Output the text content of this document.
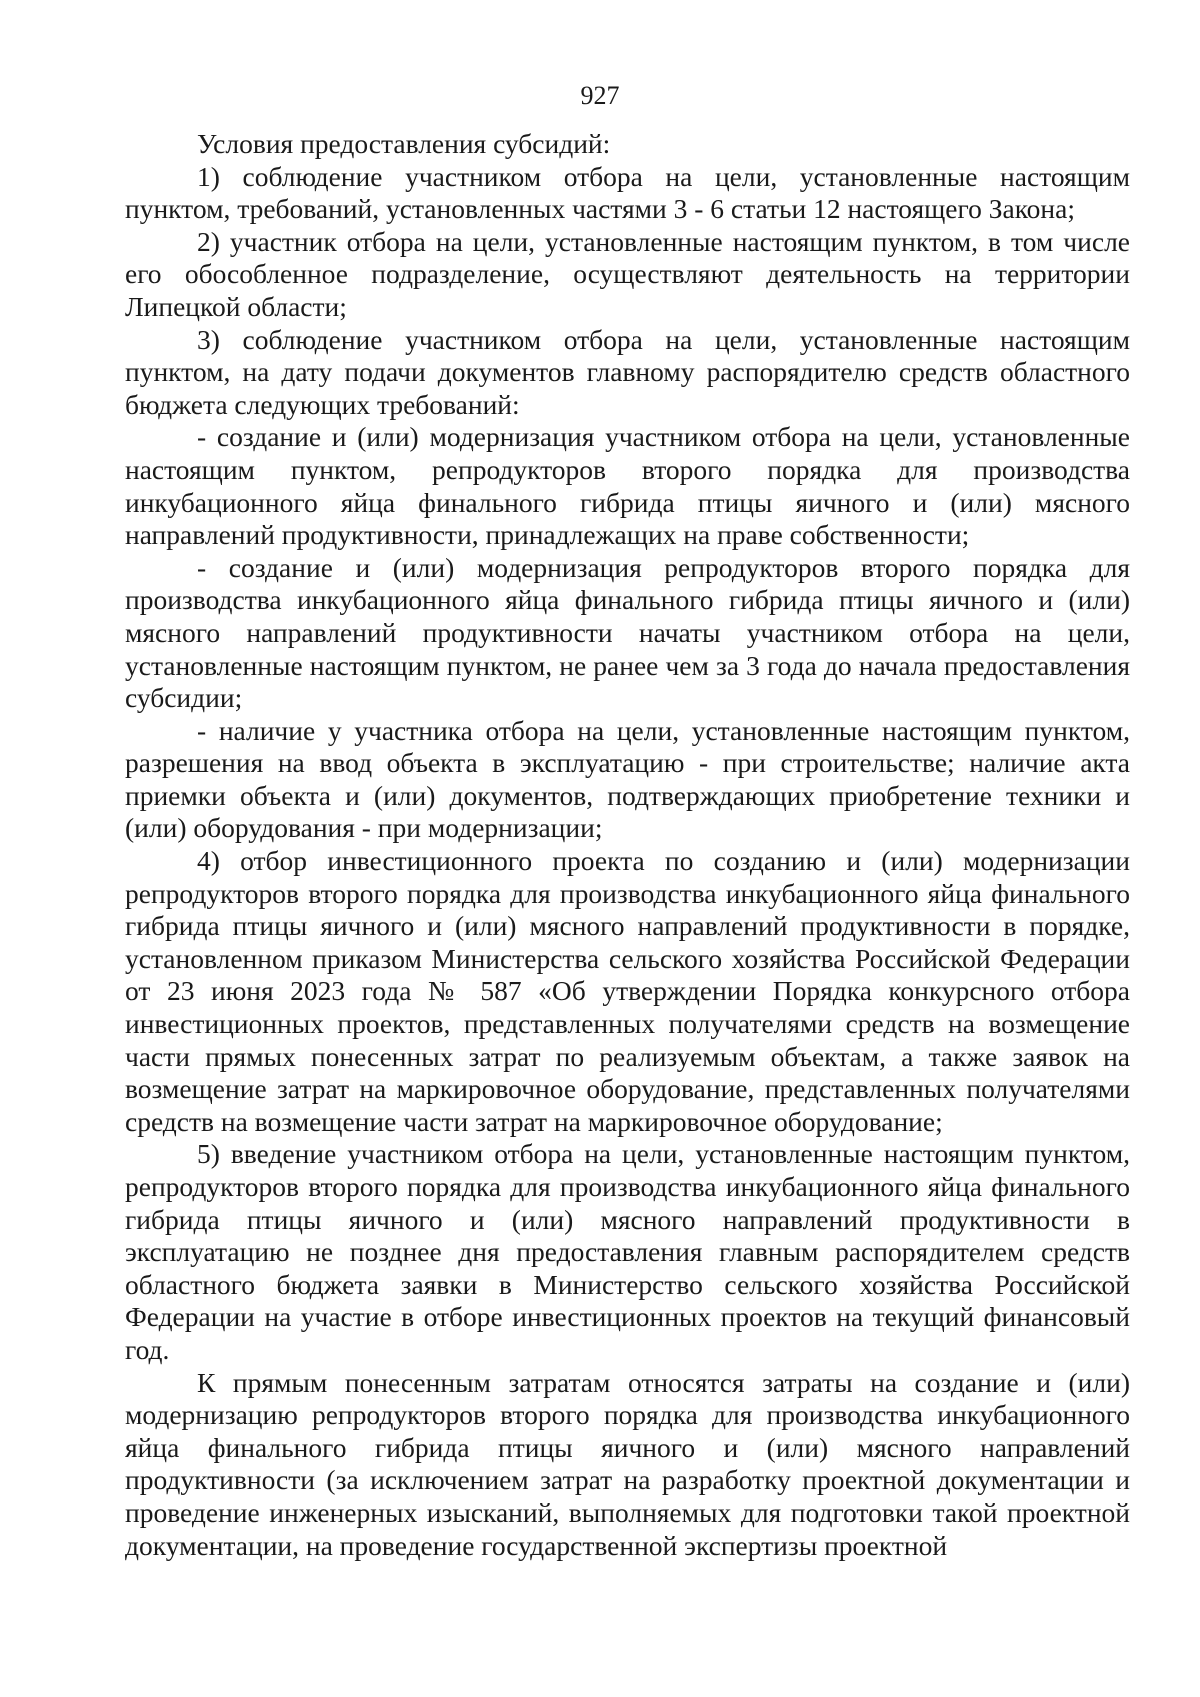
927

Условия предоставления субсидий:

1) соблюдение участником отбора на цели, установленные настоящим пунктом, требований, установленных частями 3 - 6 статьи 12 настоящего Закона;

2) участник отбора на цели, установленные настоящим пунктом, в том числе его обособленное подразделение, осуществляют деятельность на территории Липецкой области;

3) соблюдение участником отбора на цели, установленные настоящим пунктом, на дату подачи документов главному распорядителю средств областного бюджета следующих требований:

- создание и (или) модернизация участником отбора на цели, установленные настоящим пунктом, репродукторов второго порядка для производства инкубационного яйца финального гибрида птицы яичного и (или) мясного направлений продуктивности, принадлежащих на праве собственности;

- создание и (или) модернизация репродукторов второго порядка для производства инкубационного яйца финального гибрида птицы яичного и (или) мясного направлений продуктивности начаты участником отбора на цели, установленные настоящим пунктом, не ранее чем за 3 года до начала предоставления субсидии;

- наличие у участника отбора на цели, установленные настоящим пунктом, разрешения на ввод объекта в эксплуатацию - при строительстве; наличие акта приемки объекта и (или) документов, подтверждающих приобретение техники и (или) оборудования - при модернизации;

4) отбор инвестиционного проекта по созданию и (или) модернизации репродукторов второго порядка для производства инкубационного яйца финального гибрида птицы яичного и (или) мясного направлений продуктивности в порядке, установленном приказом Министерства сельского хозяйства Российской Федерации от 23 июня 2023 года № 587 «Об утверждении Порядка конкурсного отбора инвестиционных проектов, представленных получателями средств на возмещение части прямых понесенных затрат по реализуемым объектам, а также заявок на возмещение затрат на маркировочное оборудование, представленных получателями средств на возмещение части затрат на маркировочное оборудование;

5) введение участником отбора на цели, установленные настоящим пунктом, репродукторов второго порядка для производства инкубационного яйца финального гибрида птицы яичного и (или) мясного направлений продуктивности в эксплуатацию не позднее дня предоставления главным распорядителем средств областного бюджета заявки в Министерство сельского хозяйства Российской Федерации на участие в отборе инвестиционных проектов на текущий финансовый год.

К прямым понесенным затратам относятся затраты на создание и (или) модернизацию репродукторов второго порядка для производства инкубационного яйца финального гибрида птицы яичного и (или) мясного направлений продуктивности (за исключением затрат на разработку проектной документации и проведение инженерных изысканий, выполняемых для подготовки такой проектной документации, на проведение государственной экспертизы проектной
